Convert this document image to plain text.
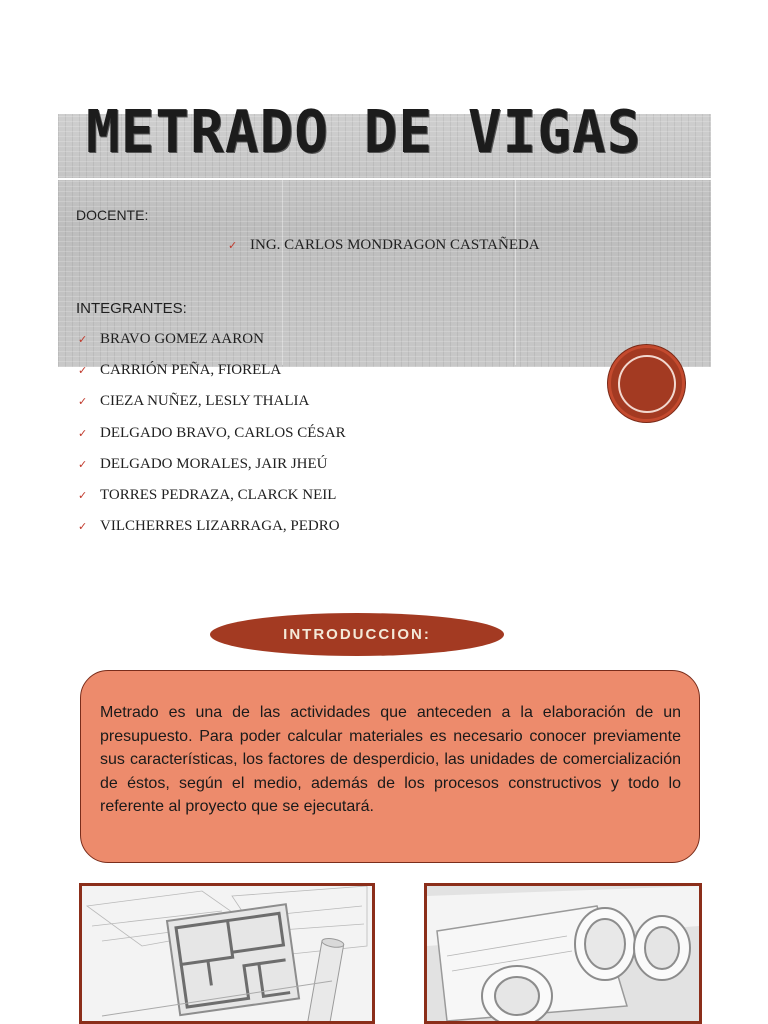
METRADO DE VIGAS
DOCENTE:
✓ ING. CARLOS MONDRAGON CASTAÑEDA
INTEGRANTES:
✓ BRAVO GOMEZ AARON
✓ CARRIÓN PEÑA, FIORELA
✓ CIEZA NUÑEZ, LESLY THALIA
✓ DELGADO BRAVO, CARLOS CÉSAR
✓ DELGADO MORALES, JAIR JHEÚ
✓ TORRES PEDRAZA, CLARCK NEIL
✓ VILCHERRES LIZARRAGA, PEDRO
INTRODUCCION:

Metrado es una de las actividades que anteceden a la elaboración de un presupuesto. Para poder calcular materiales es necesario conocer previamente sus características, los factores de desperdicio, las unidades de comercialización de éstos, según el medio, además de los procesos constructivos y todo lo referente al proyecto que se ejecutará.
